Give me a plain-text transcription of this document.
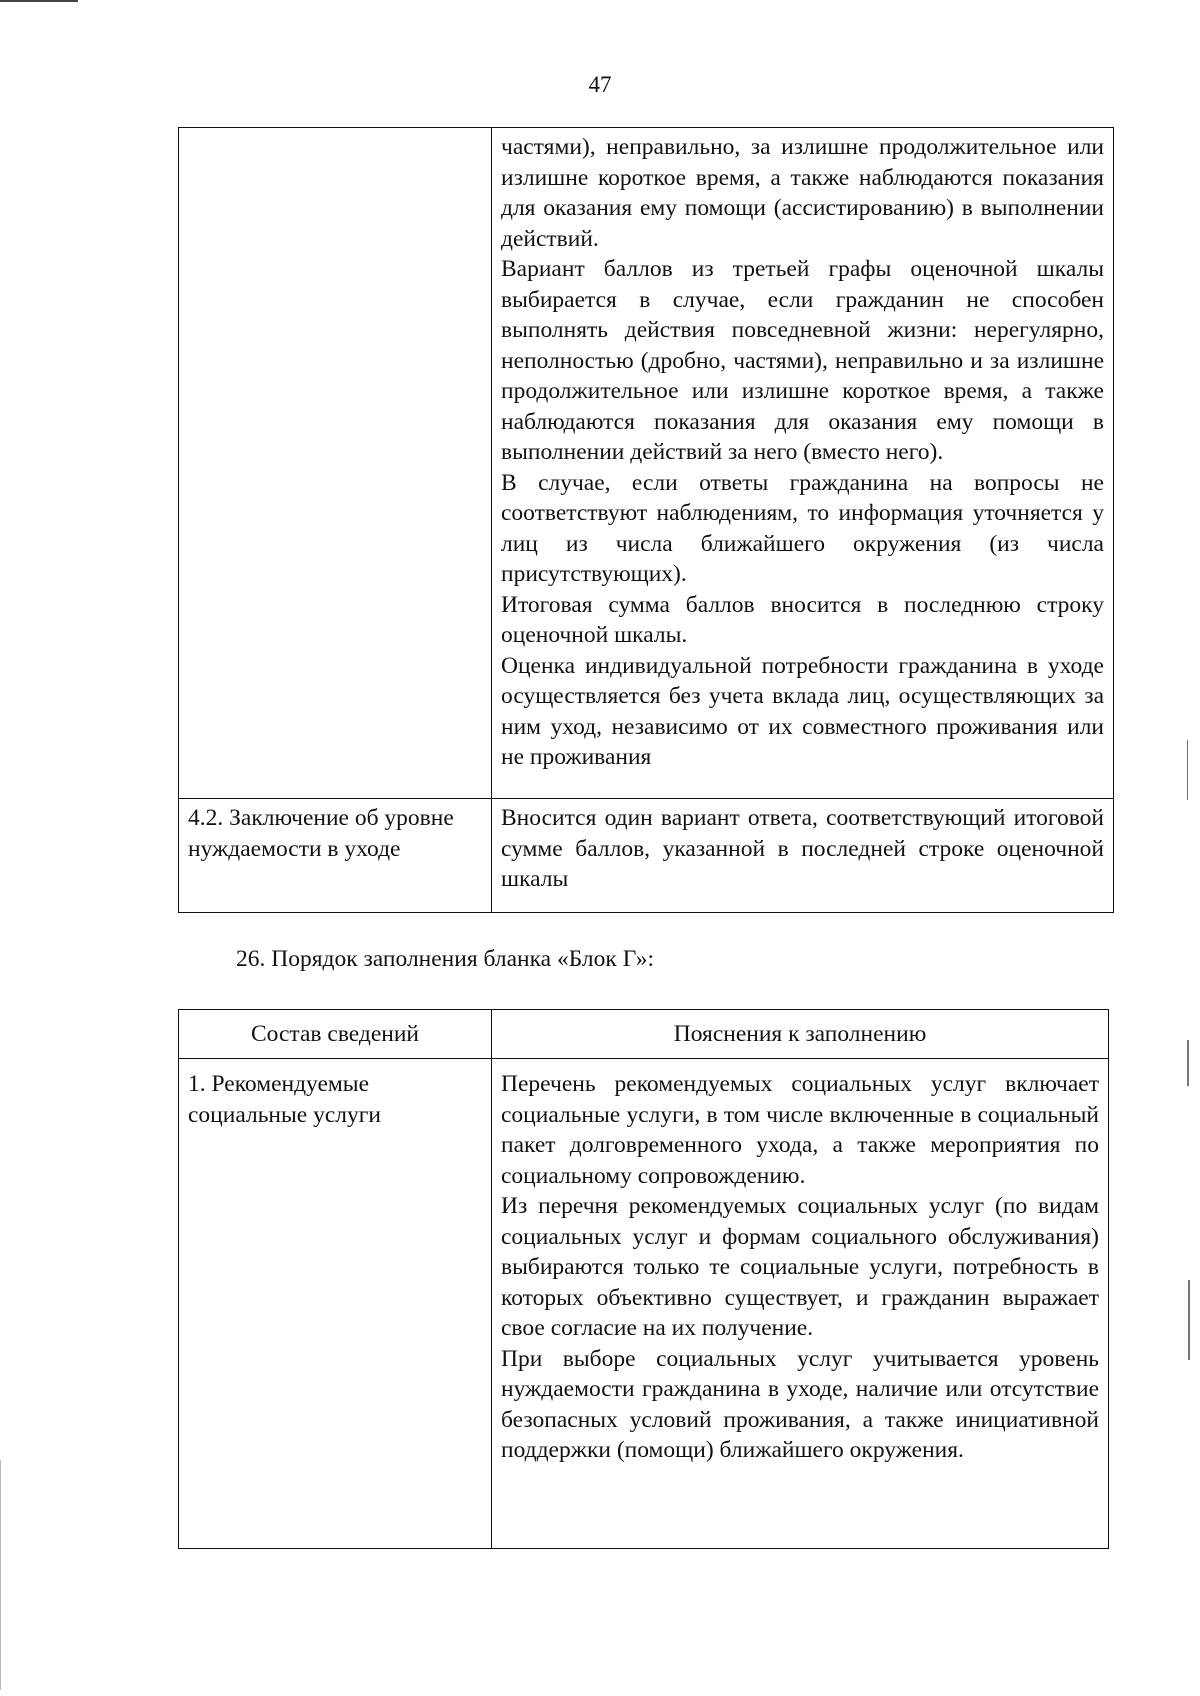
47

	частями), неправильно, за излишне продолжительное или излишне короткое время, а также наблюдаются показания для оказания ему помощи (ассистированию) в выполнении действий.

Вариант баллов из третьей графы оценочной шкалы выбирается в случае, если гражданин не способен выполнять действия повседневной жизни: нерегулярно, неполностью (дробно, частями), неправильно и за излишне продолжительное или излишне короткое время, а также наблюдаются показания для оказания ему помощи в выполнении действий за него (вместо него).

В случае, если ответы гражданина на вопросы не соответствуют наблюдениям, то информация уточняется у лиц из числа ближайшего окружения (из числа присутствующих).

Итоговая сумма баллов вносится в последнюю строку оценочной шкалы.

Оценка индивидуальной потребности гражданина в уходе осуществляется без учета вклада лиц, осуществляющих за ним уход, независимо от их совместного проживания или не проживания

4.2. Заключение об уровне нуждаемости в уходе	Вносится один вариант ответа, соответствующий итоговой сумме баллов, указанной в последней строке оценочной шкалы

26. Порядок заполнения бланка «Блок Г»:
Состав сведений	Пояснения к заполнению
1. Рекомендуемые социальные услуги	Перечень рекомендуемых социальных услуг включает социальные услуги, в том числе включенные в социальный пакет долговременного ухода, а также мероприятия по социальному сопровождению.

Из перечня рекомендуемых социальных услуг (по видам социальных услуг и формам социального обслуживания) выбираются только те социальные услуги, потребность в которых объективно существует, и гражданин выражает свое согласие на их получение.

При выборе социальных услуг учитывается уровень нуждаемости гражданина в уходе, наличие или отсутствие безопасных условий проживания, а также инициативной поддержки (помощи) ближайшего окружения.
